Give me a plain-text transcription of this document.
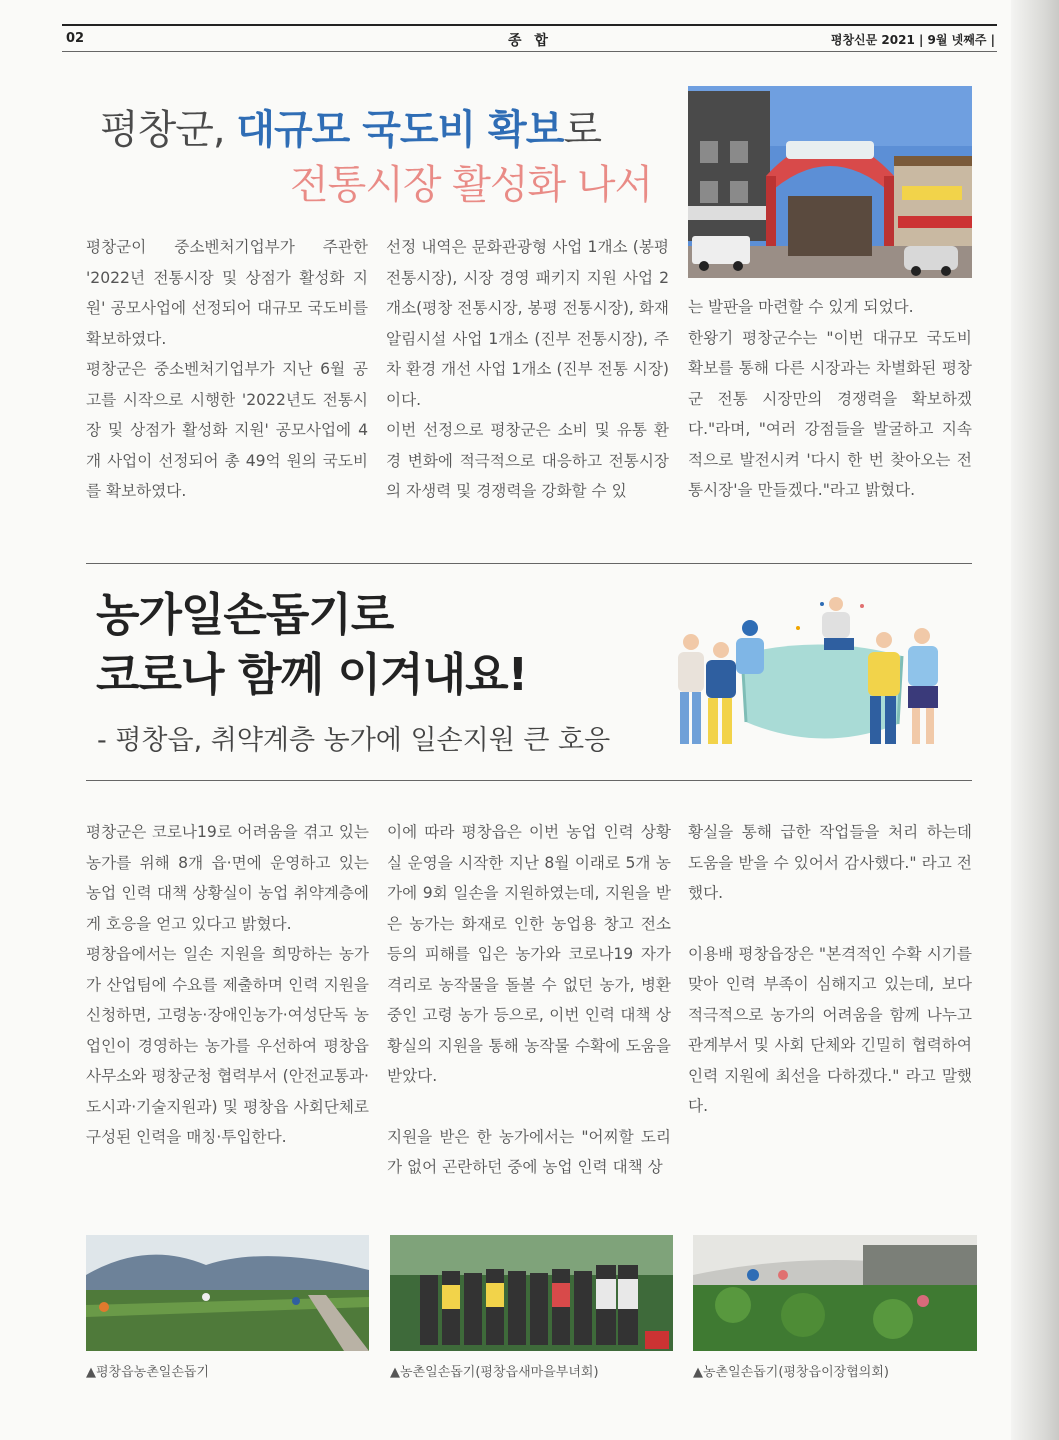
02	종 합	평창신문 2021 | 9월 넷째주 |
평창군, 대규모 국도비 확보로
전통시장 활성화 나서

평창군이 중소벤처기업부가 주관한 '2022년 전통시장 및 상점가 활성화 지원' 공모사업에 선정되어 대규모 국도비를 확보하였다.

평창군은 중소벤처기업부가 지난 6월 공고를 시작으로 시행한 '2022년도 전통시장 및 상점가 활성화 지원' 공모사업에 4개 사업이 선정되어 총 49억 원의 국도비를 확보하였다.

선정 내역은 문화관광형 사업 1개소 (봉평전통시장), 시장 경영 패키지 지원 사업 2개소(평창 전통시장, 봉평 전통시장), 화재 알림시설 사업 1개소 (진부 전통시장), 주차 환경 개선 사업 1개소 (진부 전통 시장)이다.

이번 선정으로 평창군은 소비 및 유통 환경 변화에 적극적으로 대응하고 전통시장의 자생력 및 경쟁력을 강화할 수 있

는 발판을 마련할 수 있게 되었다.

한왕기 평창군수는 "이번 대규모 국도비 확보를 통해 다른 시장과는 차별화된 평창군 전통 시장만의 경쟁력을 확보하겠다."라며, "여러 강점들을 발굴하고 지속적으로 발전시켜 '다시 한 번 찾아오는 전통시장'을 만들겠다."라고 밝혔다.

농가일손돕기로
코로나 함께 이겨내요!
- 평창읍, 취약계층 농가에 일손지원 큰 호응

평창군은 코로나19로 어려움을 겪고 있는 농가를 위해 8개 읍·면에 운영하고 있는 농업 인력 대책 상황실이 농업 취약계층에게 호응을 얻고 있다고 밝혔다.

평창읍에서는 일손 지원을 희망하는 농가가 산업팀에 수요를 제출하며 인력 지원을 신청하면, 고령농·장애인농가·여성단독 농업인이 경영하는 농가를 우선하여 평창읍사무소와 평창군청 협력부서 (안전교통과·도시과·기술지원과) 및 평창읍 사회단체로 구성된 인력을 매칭·투입한다.

이에 따라 평창읍은 이번 농업 인력 상황실 운영을 시작한 지난 8월 이래로 5개 농가에 9회 일손을 지원하였는데, 지원을 받은 농가는 화재로 인한 농업용 창고 전소 등의 피해를 입은 농가와 코로나19 자가 격리로 농작물을 돌볼 수 없던 농가, 병환 중인 고령 농가 등으로, 이번 인력 대책 상황실의 지원을 통해 농작물 수확에 도움을 받았다.

지원을 받은 한 농가에서는 "어찌할 도리가 없어 곤란하던 중에 농업 인력 대책 상

황실을 통해 급한 작업들을 처리 하는데 도움을 받을 수 있어서 감사했다." 라고 전했다.

이용배 평창읍장은 "본격적인 수확 시기를 맞아 인력 부족이 심해지고 있는데, 보다 적극적으로 농가의 어려움을 함께 나누고 관계부서 및 사회 단체와 긴밀히 협력하여 인력 지원에 최선을 다하겠다." 라고 말했다.

▲평창읍농촌일손돕기	▲농촌일손돕기(평창읍새마을부녀회)	▲농촌일손돕기(평창읍이장협의회)
